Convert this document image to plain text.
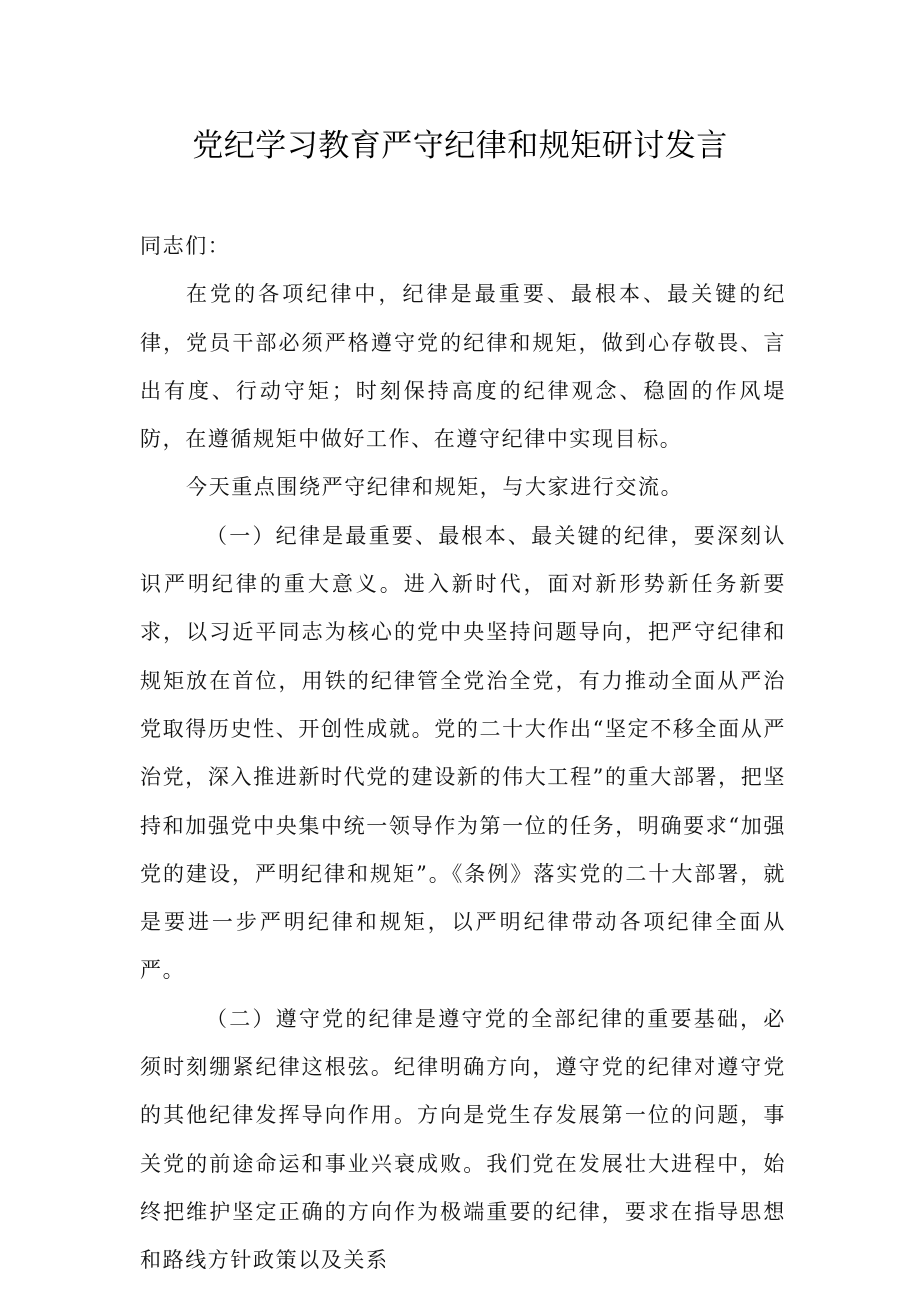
党纪学习教育严守纪律和规矩研讨发言

同志们：

在党的各项纪律中，纪律是最重要、最根本、最关键的纪律，党员干部必须严格遵守党的纪律和规矩，做到心存敬畏、言出有度、行动守矩；时刻保持高度的纪律观念、稳固的作风堤防，在遵循规矩中做好工作、在遵守纪律中实现目标。

今天重点围绕严守纪律和规矩，与大家进行交流。

（一）纪律是最重要、最根本、最关键的纪律，要深刻认识严明纪律的重大意义。进入新时代，面对新形势新任务新要求，以习近平同志为核心的党中央坚持问题导向，把严守纪律和规矩放在首位，用铁的纪律管全党治全党，有力推动全面从严治党取得历史性、开创性成就。党的二十大作出“坚定不移全面从严治党，深入推进新时代党的建设新的伟大工程”的重大部署，把坚持和加强党中央集中统一领导作为第一位的任务，明确要求“加强党的建设，严明纪律和规矩”。《条例》落实党的二十大部署，就是要进一步严明纪律和规矩，以严明纪律带动各项纪律全面从严。

（二）遵守党的纪律是遵守党的全部纪律的重要基础，必须时刻绷紧纪律这根弦。纪律明确方向，遵守党的纪律对遵守党的其他纪律发挥导向作用。方向是党生存发展第一位的问题，事关党的前途命运和事业兴衰成败。我们党在发展壮大进程中，始终把维护坚定正确的方向作为极端重要的纪律，要求在指导思想和路线方针政策以及关系
